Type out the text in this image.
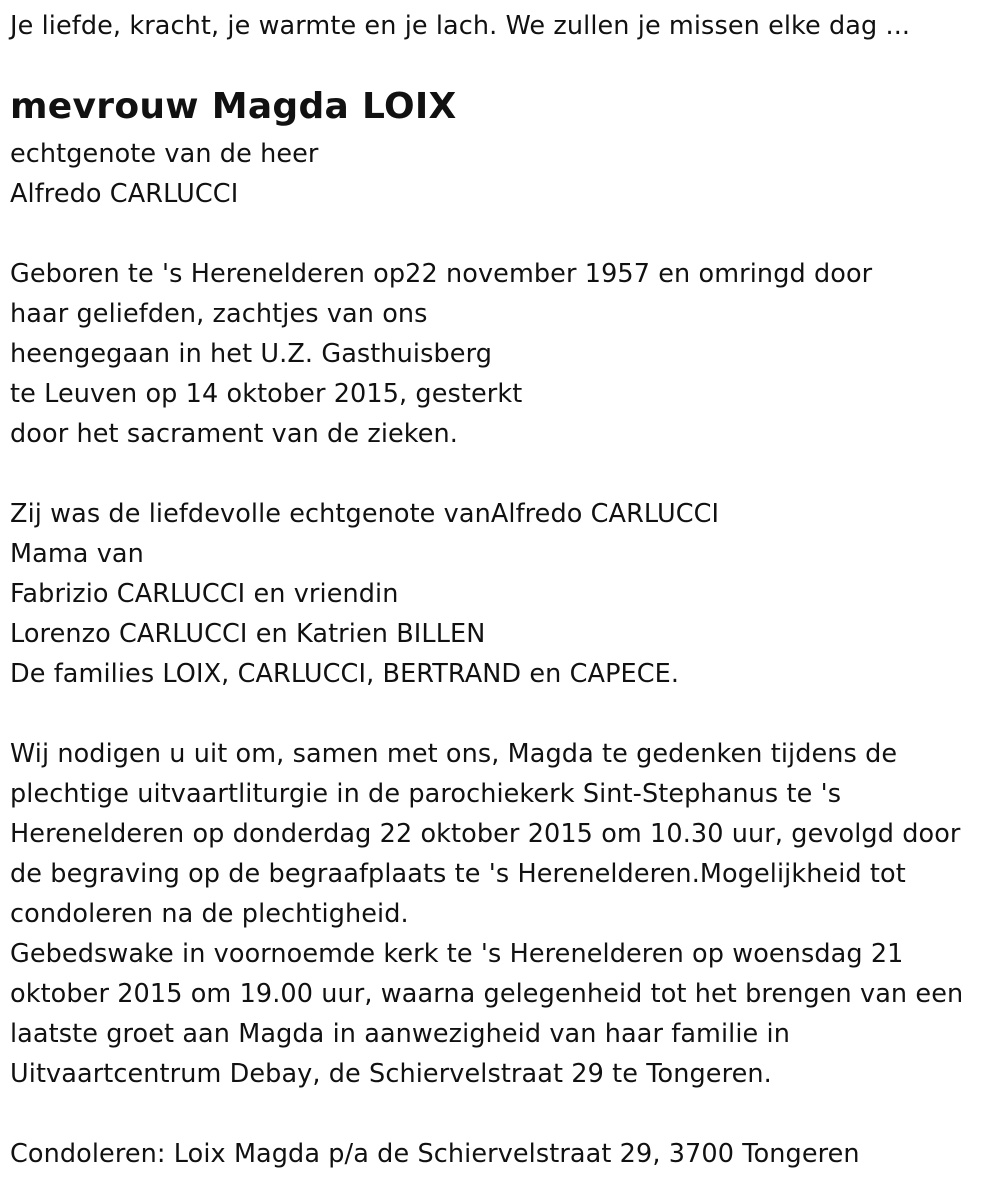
Je liefde, kracht, je warmte en je lach. We zullen je missen elke dag ...
mevrouw Magda LOIX
echtgenote van de heer
Alfredo CARLUCCI
Geboren te 's Herenelderen op22 november 1957 en omringd door
haar geliefden, zachtjes van ons
heengegaan in het U.Z. Gasthuisberg
te Leuven op 14 oktober 2015, gesterkt
door het sacrament van de zieken.
Zij was de liefdevolle echtgenote vanAlfredo CARLUCCI
Mama van
Fabrizio CARLUCCI en vriendin
Lorenzo CARLUCCI en Katrien BILLEN
De families LOIX, CARLUCCI, BERTRAND en CAPECE.
Wij nodigen u uit om, samen met ons, Magda te gedenken tijdens de
plechtige uitvaartliturgie in de parochiekerk Sint-Stephanus te 's
Herenelderen op donderdag 22 oktober 2015 om 10.30 uur, gevolgd door
de begraving op de begraafplaats te 's Herenelderen.Mogelijkheid tot
condoleren na de plechtigheid.
Gebedswake in voornoemde kerk te 's Herenelderen op woensdag 21
oktober 2015 om 19.00 uur, waarna gelegenheid tot het brengen van een
laatste groet aan Magda in aanwezigheid van haar familie in
Uitvaartcentrum Debay, de Schiervelstraat 29 te Tongeren.
Condoleren: Loix Magda p/a de Schiervelstraat 29, 3700 Tongeren
